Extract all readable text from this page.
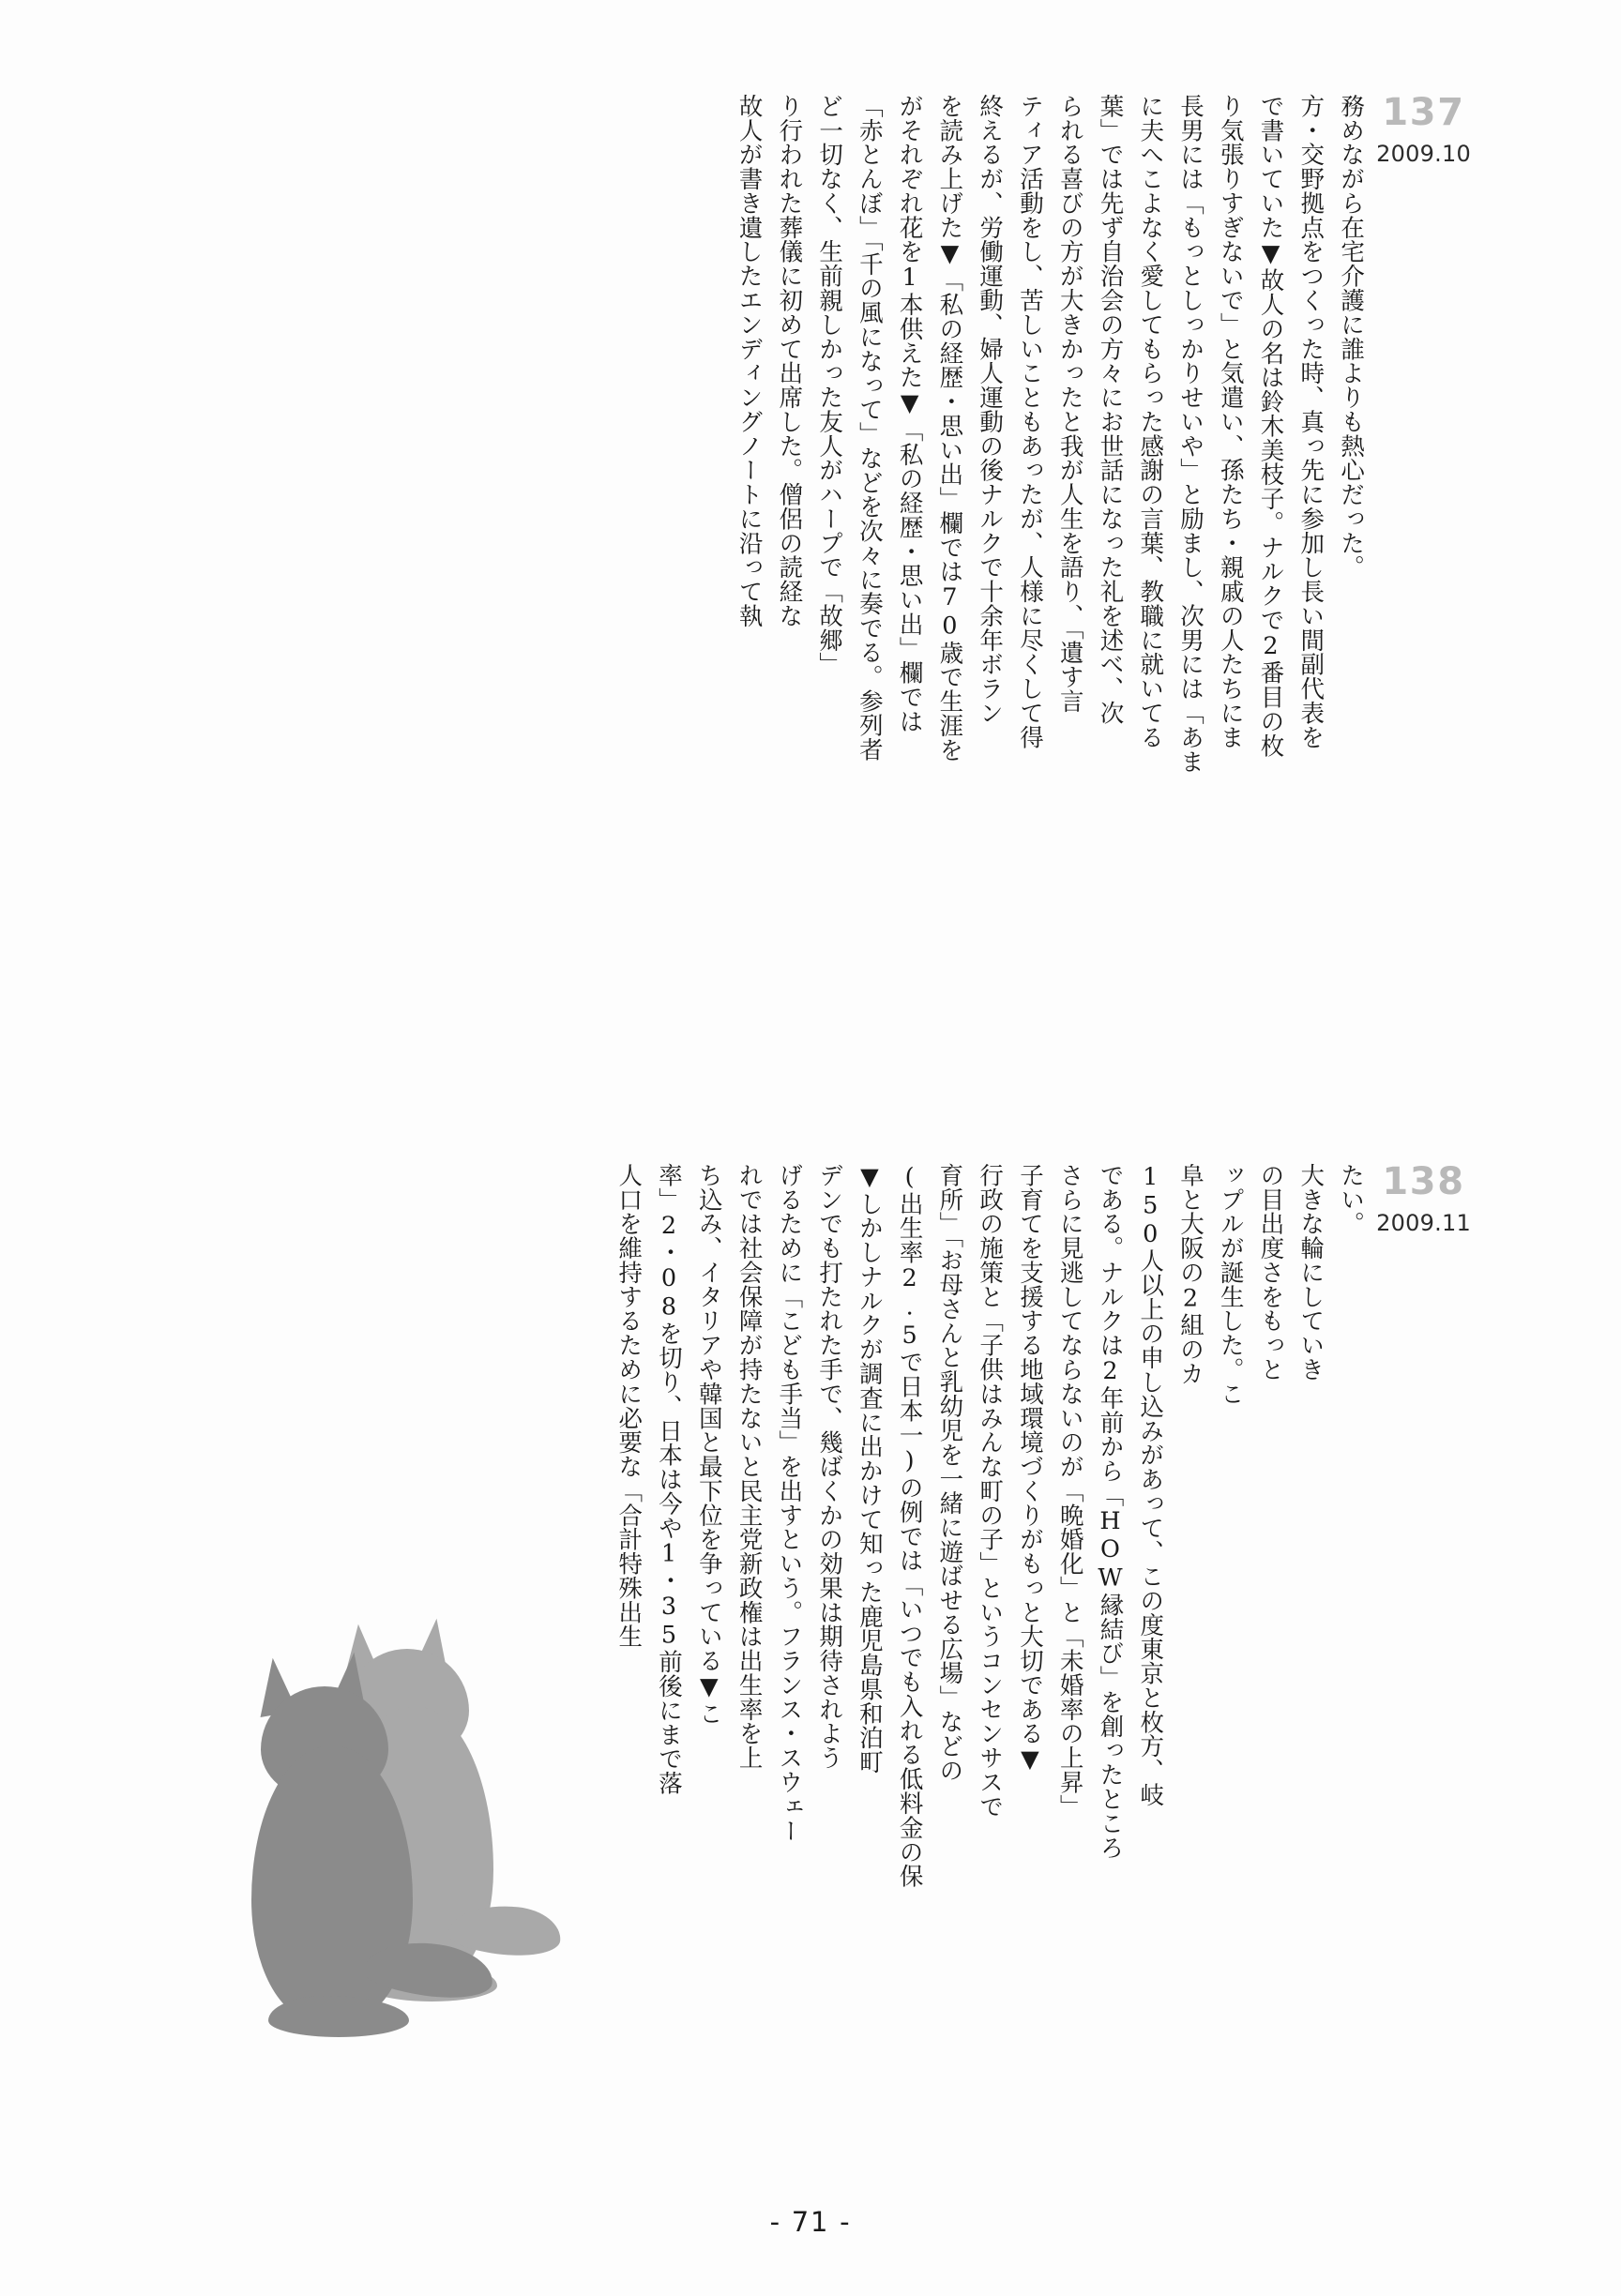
137
2009.10
故人が書き遺したエンディングノートに沿って執 り行われた葬儀に初めて出席した。僧侶の読経な ど一切なく、生前親しかった友人がハープで「故郷」 「赤とんぼ」「千の風になって」などを次々に奏でる。参列者 がそれぞれ花を1本供えた▼「私の経歴・思い出」欄では を読み上げた▼「私の経歴・思い出」欄では70歳で生涯を 終えるが、労働運動、婦人運動の後ナルクで十余年ボラン ティア活動をし、苦しいこともあったが、人様に尽くして得 られる喜びの方が大きかったと我が人生を語り、「遺す言 葉」では先ず自治会の方々にお世話になった礼を述べ、次 に夫へこよなく愛してもらった感謝の言葉、教職に就いてる 長男には「もっとしっかりせいや」と励まし、次男には「あま り気張りすぎないで」と気遣い、孫たち・親戚の人たちにま で書いていた▼故人の名は鈴木美枝子。ナルクで2番目の枚 方・交野拠点をつくった時、真っ先に参加し長い間副代表を 務めながら在宅介護に誰よりも熱心だった。
138
2009.11
人口を維持するために必要な「合計特殊出生 率」2・08を切り、日本は今や1・35前後にまで落 ち込み、イタリアや韓国と最下位を争っている▼こ れでは社会保障が持たないと民主党新政権は出生率を上 げるために「こども手当」を出すという。フランス・スウェー デンでも打たれた手で、幾ばくかの効果は期待されよう ▼しかしナルクが調査に出かけて知った鹿児島県和泊町 (出生率2.5で日本一)の例では「いつでも入れる低料金の保 育所」「お母さんと乳幼児を一緒に遊ばせる広場」などの 行政の施策と「子供はみんな町の子」というコンセンサスで 子育てを支援する地域環境づくりがもっと大切である▼ さらに見逃してならないのが「晩婚化」と「未婚率の上昇」 である。ナルクは2年前から「HOW縁結び」を創ったところ 150人以上の申し込みがあって、この度東京と枚方、岐 阜と大阪の2組のカ ップルが誕生した。こ の目出度さをもっと 大きな輪にしていき たい。
- 71 -
